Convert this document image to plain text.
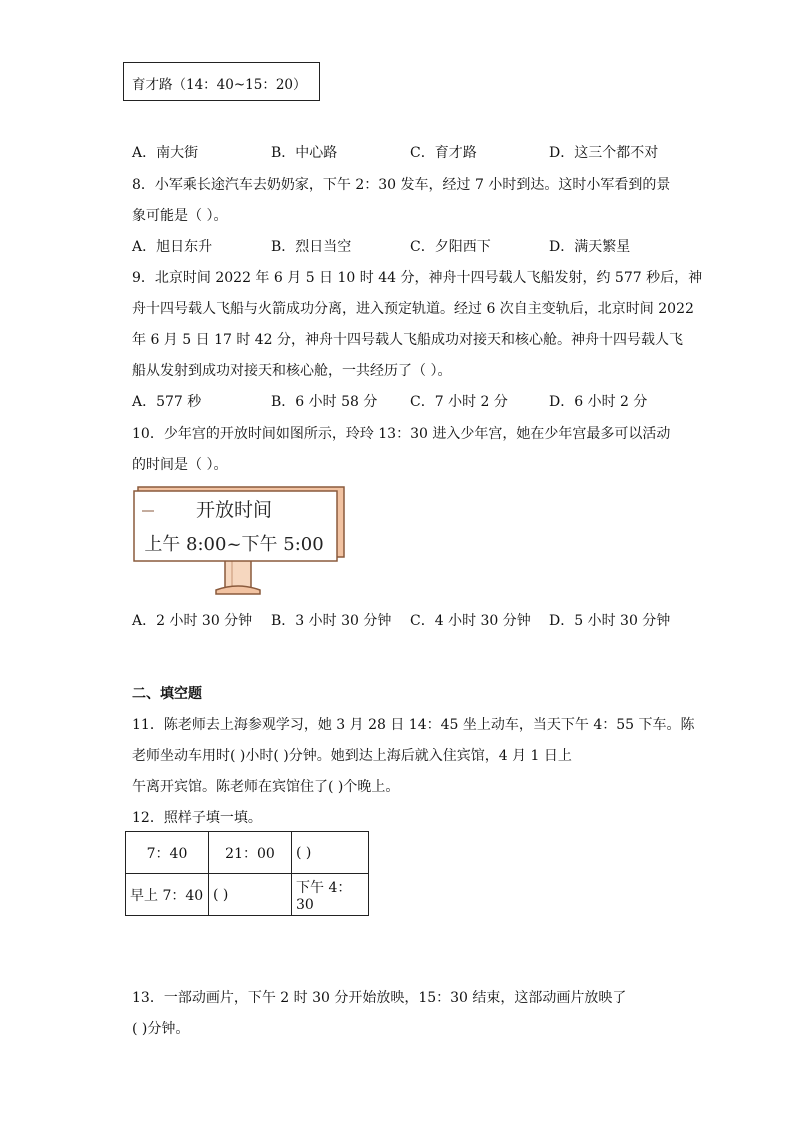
育才路（14：40~15：20）
A．南大街	B．中心路	C．育才路	D．这三个都不对
8．小军乘长途汽车去奶奶家，下午 2：30 发车，经过 7 小时到达。这时小军看到的景
象可能是（ ）。
A．旭日东升	B．烈日当空	C．夕阳西下	D．满天繁星
9．北京时间 2022 年 6 月 5 日 10 时 44 分，神舟十四号载人飞船发射，约 577 秒后，神
舟十四号载人飞船与火箭成功分离，进入预定轨道。经过 6 次自主变轨后，北京时间 2022
年 6 月 5 日 17 时 42 分，神舟十四号载人飞船成功对接天和核心舱。神舟十四号载人飞
船从发射到成功对接天和核心舱，一共经历了（ ）。
A．577 秒	B．6 小时 58 分 C．7 小时 2 分	D．6 小时 2 分
10．少年宫的开放时间如图所示，玲玲 13：30 进入少年宫，她在少年宫最多可以活动
的时间是（ ）。
开放时间
上午 8:00~下午 5:00
A．2 小时 30 分钟 B．3 小时 30 分钟 C．4 小时 30 分钟 D．5 小时 30 分钟
二、填空题
11．陈老师去上海参观学习，她 3 月 28 日 14：45 坐上动车，当天下午 4：55 下车。陈
老师坐动车用时( )小时( )分钟。她到达上海后就入住宾馆，4 月 1 日上
午离开宾馆。陈老师在宾馆住了( )个晚上。
12．照样子填一填。
7：40	21：00	( )
早上 7：40	( )	下午 4：30
13．一部动画片，下午 2 时 30 分开始放映，15：30 结束，这部动画片放映了
( )分钟。
